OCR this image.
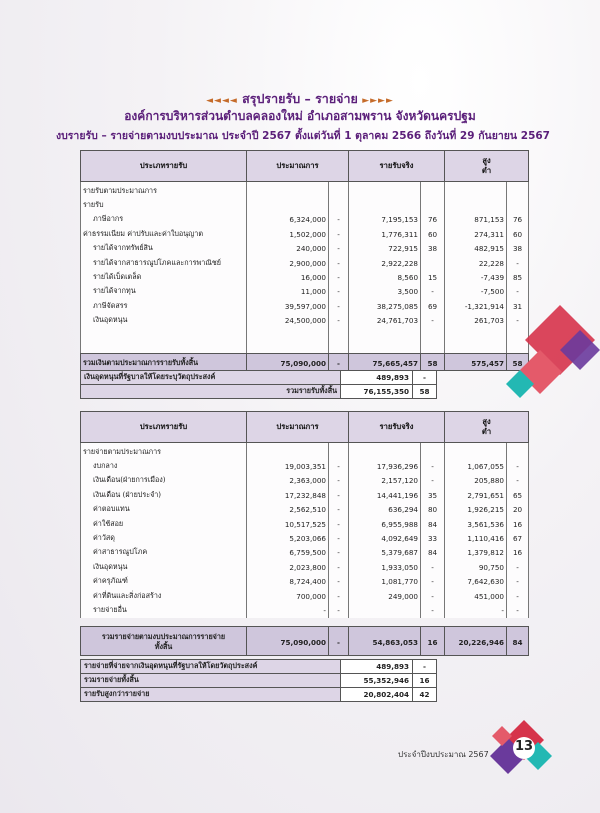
◄◄◄◄ สรุปรายรับ – รายจ่าย ►►►►
องค์การบริหารส่วนตำบลคลองใหม่ อำเภอสามพราน จังหวัดนครปฐม
งบรายรับ – รายจ่ายตามงบประมาณ ประจำปี 2567 ตั้งแต่วันที่ 1 ตุลาคม 2566 ถึงวันที่ 29 กันยายน 2567
ประเภทรายรับ	ประมาณการ		รายรับจริง		สูง
ต่ำ	
รายรับตามประมาณการ						
รายรับ						
ภาษีอากร	6,324,000	-	7,195,153	76	871,153	76
ค่าธรรมเนียม ค่าปรับและค่าใบอนุญาต	1,502,000	-	1,776,311	60	274,311	60
รายได้จากทรัพย์สิน	240,000	-	722,915	38	482,915	38
รายได้จากสาธารณูปโภคและการพาณิชย์	2,900,000	-	2,922,228		22,228	-
รายได้เบ็ดเตล็ด	16,000	-	8,560	15	-7,439	85
รายได้จากทุน	11,000	-	3,500	-	-7,500	-
ภาษีจัดสรร	39,597,000	-	38,275,085	69	-1,321,914	31
เงินอุดหนุน	24,500,000	-	24,761,703	-	261,703	-

รวมเงินตามประมาณการรายรับทั้งสิ้น	75,090,000	-	75,665,457	58	575,457	58
เงินอุดหนุนที่รัฐบาลให้โดยระบุวัตถุประสงค์	489,893	-
รวมรายรับทั้งสิ้น	76,155,350	58
ประเภทรายรับ	ประมาณการ		รายรับจริง		สูง
ต่ำ	
รายจ่ายตามประมาณการ						
งบกลาง	19,003,351	-	17,936,296	-	1,067,055	-
เงินเดือน(ฝ่ายการเมือง)	2,363,000	-	2,157,120	-	205,880	-
เงินเดือน (ฝ่ายประจำ)	17,232,848	-	14,441,196	35	2,791,651	65
ค่าตอบแทน	2,562,510	-	636,294	80	1,926,215	20
ค่าใช้สอย	10,517,525	-	6,955,988	84	3,561,536	16
ค่าวัสดุ	5,203,066	-	4,092,649	33	1,110,416	67
ค่าสาธารณูปโภค	6,759,500	-	5,379,687	84	1,379,812	16
เงินอุดหนุน	2,023,800	-	1,933,050	-	90,750	-
ค่าครุภัณฑ์	8,724,400	-	1,081,770	-	7,642,630	-
ค่าที่ดินและสิ่งก่อสร้าง	700,000	-	249,000	-	451,000	-
รายจ่ายอื่น	-	-		-	-	-
รวมรายจ่ายตามงบประมาณการรายจ่าย
ทั้งสิ้น	75,090,000	-	54,863,053	16	20,226,946	84
รายจ่ายที่จ่ายจากเงินอุดหนุนที่รัฐบาลให้โดยวัตถุประสงค์	489,893	-
รวมรายจ่ายทั้งสิ้น	55,352,946	16
รายรับสูงกว่ารายจ่าย	20,802,404	42
13
ประจำปีงบประมาณ 2567
